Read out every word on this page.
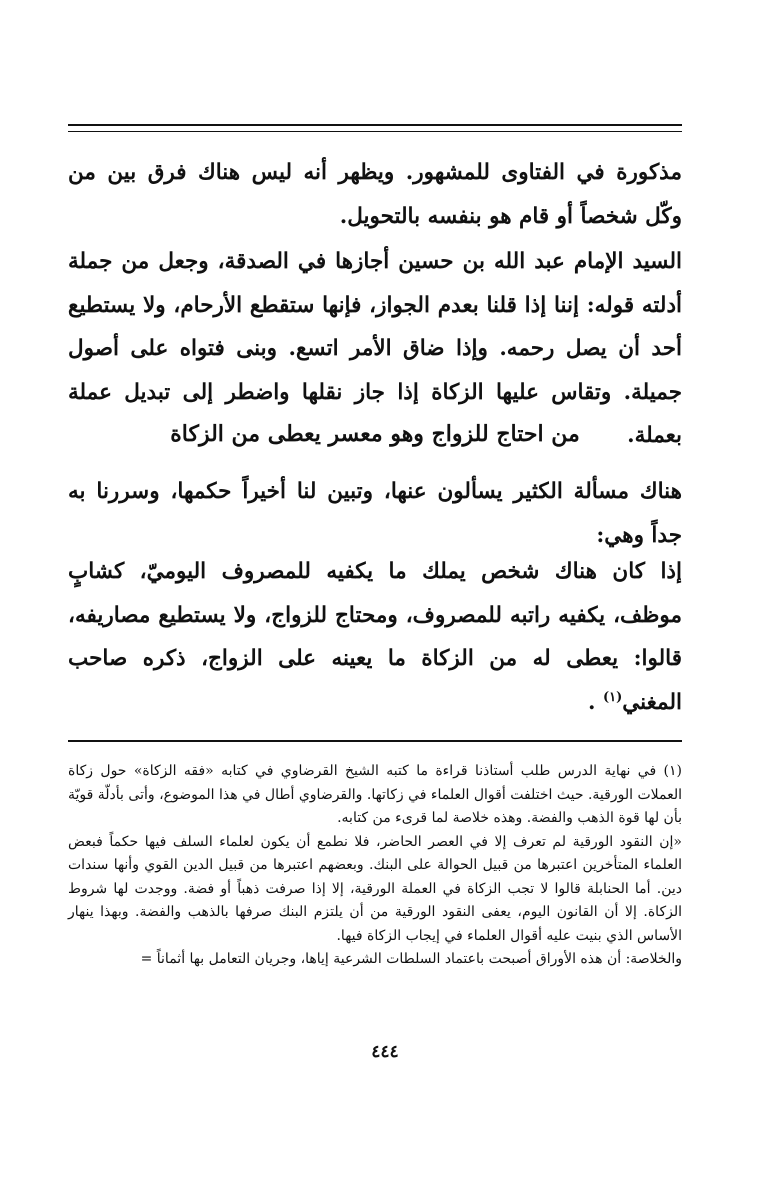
مذكورة في الفتاوى للمشهور. ويظهر أنه ليس هناك فرق بين من وكّل شخصاً أو قام هو بنفسه بالتحويل.

السيد الإمام عبد الله بن حسين أجازها في الصدقة، وجعل من جملة أدلته قوله: إننا إذا قلنا بعدم الجواز، فإنها ستقطع الأرحام، ولا يستطيع أحد أن يصل رحمه. وإذا ضاق الأمر اتسع. وبنى فتواه على أصول جميلة. وتقاس عليها الزكاة إذا جاز نقلها واضطر إلى تبديل عملة بعملة.

من احتاج للزواج وهو معسر يعطى من الزكاة

هناك مسألة الكثير يسألون عنها، وتبين لنا أخيراً حكمها، وسررنا به جداً وهي:

إذا كان هناك شخص يملك ما يكفيه للمصروف اليوميّ، كشابٍ موظف، يكفيه راتبه للمصروف، ومحتاج للزواج، ولا يستطيع مصاريفه، قالوا: يعطى له من الزكاة ما يعينه على الزواج، ذكره صاحب المغني$^{(١)}$ .

(١) في نهاية الدرس طلب أستاذنا قراءة ما كتبه الشيخ القرضاوي في كتابه «فقه الزكاة» حول زكاة العملات الورقية. حيث اختلفت أقوال العلماء في زكاتها. والقرضاوي أطال في هذا الموضوع، وأتى بأدلّة قويّة بأن لها قوة الذهب والفضة. وهذه خلاصة لما قرىء من كتابه.

«إن النقود الورقية لم تعرف إلا في العصر الحاضر، فلا نطمع أن يكون لعلماء السلف فيها حكماً فبعض العلماء المتأخرين اعتبرها من قبيل الحوالة على البنك. وبعضهم اعتبرها من قبيل الدين القوي وأنها سندات دين. أما الحنابلة قالوا لا تجب الزكاة في العملة الورقية، إلا إذا صرفت ذهباً أو فضة. ووجدت لها شروط الزكاة. إلا أن القانون اليوم، يعفى النقود الورقية من أن يلتزم البنك صرفها بالذهب والفضة. وبهذا ينهار الأساس الذي بنيت عليه أقوال العلماء في إيجاب الزكاة فيها.

والخلاصة: أن هذه الأوراق أصبحت باعتماد السلطات الشرعية إياها، وجريان التعامل بها أثماناً =

٤٤٤
